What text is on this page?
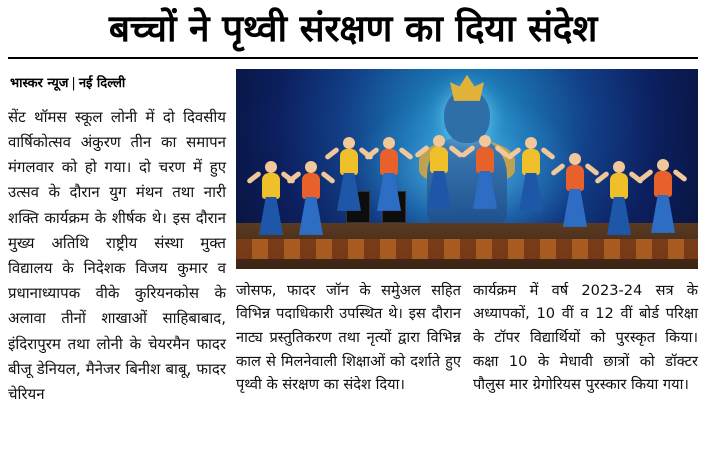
बच्चों ने पृथ्वी संरक्षण का दिया संदेश
भास्कर न्यूज | नई दिल्ली

सेंट थॉमस स्कूल लोनी में दो दिवसीय वार्षिकोत्सव अंकुरण तीन का समापन मंगलवार को हो गया। दो चरण में हुए उत्सव के दौरान युग मंथन तथा नारी शक्ति कार्यक्रम के शीर्षक थे। इस दौरान मुख्य अतिथि राष्ट्रीय संस्था मुक्त विद्यालय के निदेशक विजय कुमार व प्रधानाध्यापक वीके कुरियनकोस के अलावा तीनों शाखाओं साहिबाबाद, इंदिरापुरम तथा लोनी के चेयरमैन फादर बीजू डेनियल, मैनेजर बिनीश बाबू, फादर चेरियन

जोसफ, फादर जॉन के समेुअल सहित विभिन्न पदाधिकारी उपस्थित थे। इस दौरान नाट्य प्रस्तुतिकरण तथा नृत्यों द्वारा विभिन्न काल से मिलनेवाली शिक्षाओं को दर्शाते हुए पृथ्वी के संरक्षण का संदेश दिया।

कार्यक्रम में वर्ष 2023-24 सत्र के अध्यापकों, 10 वीं व 12 वीं बोर्ड परिक्षा के टॉपर विद्यार्थियों को पुरस्कृत किया। कक्षा 10 के मेधावी छात्रों को डॉक्टर पौलुस मार ग्रेगोरियस पुरस्कार किया गया।
